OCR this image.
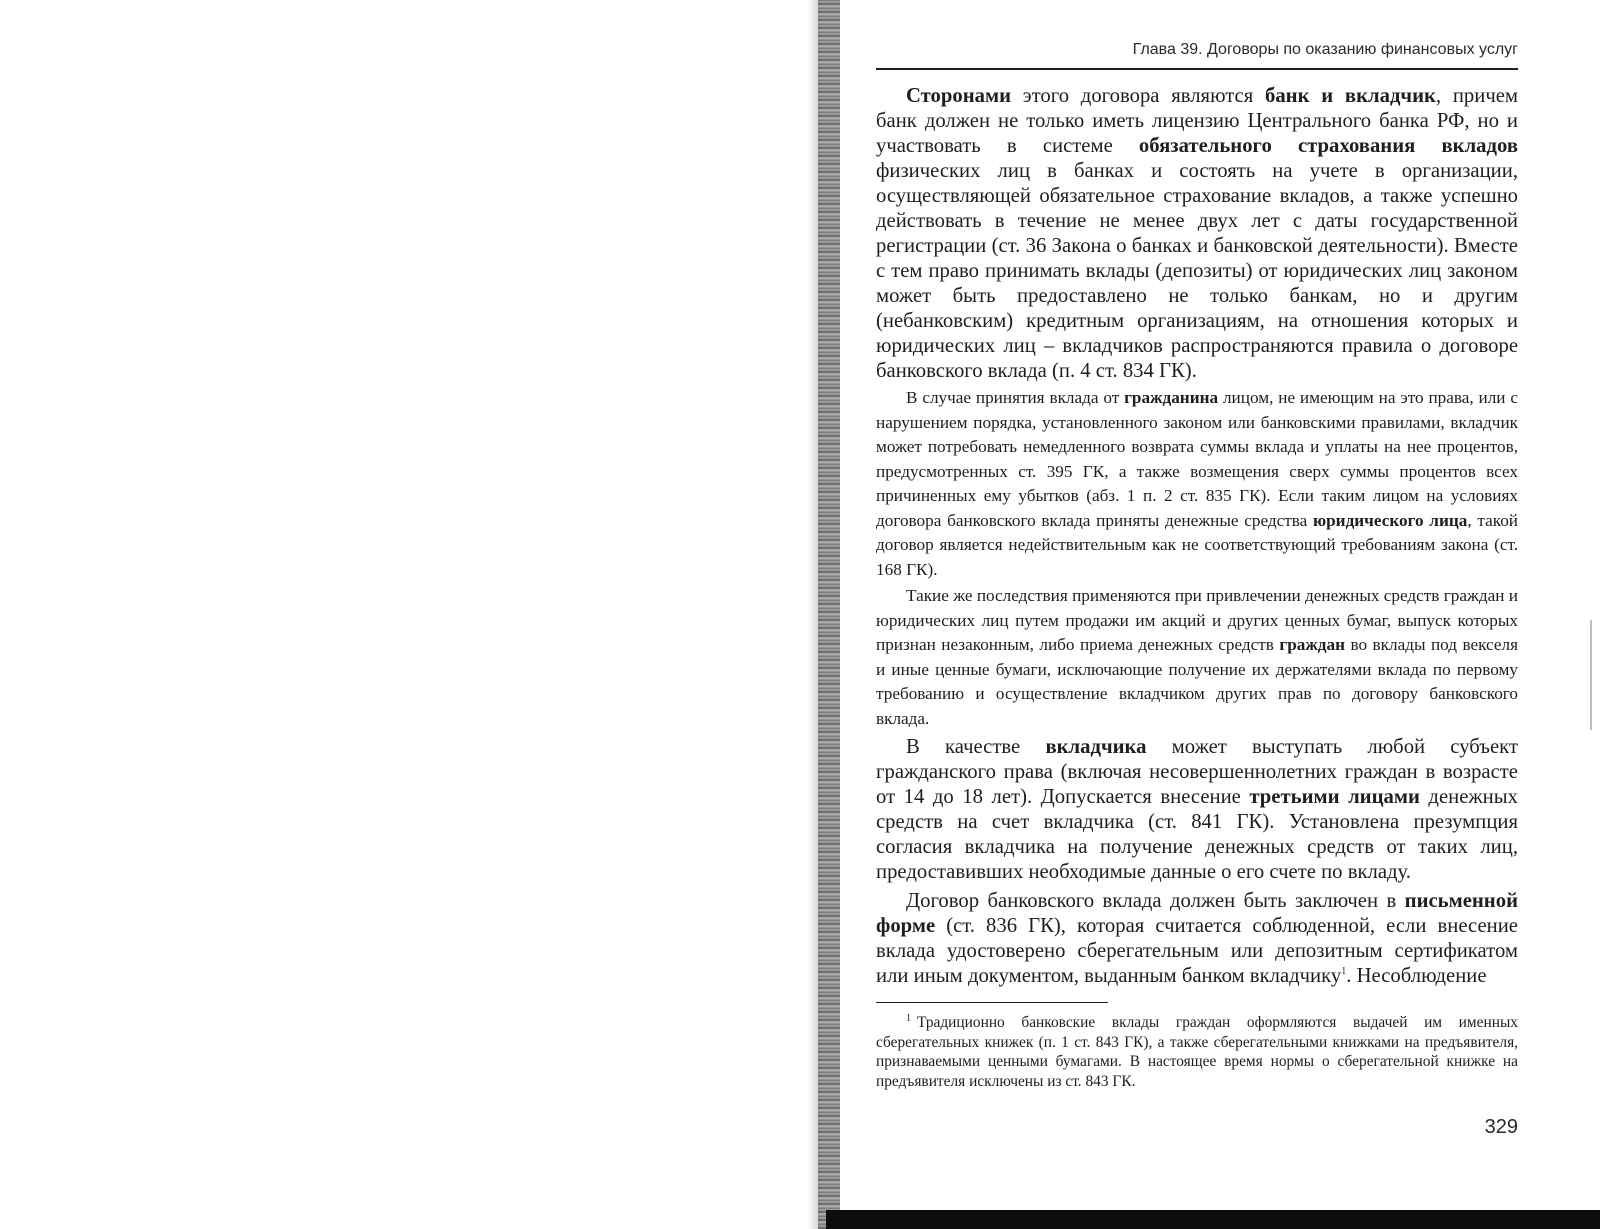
Глава 39. Договоры по оказанию финансовых услуг

Сторонами этого договора являются банк и вкладчик, причем банк должен не только иметь лицензию Центрального банка РФ, но и участвовать в системе обязательного страхования вкладов физических лиц в банках и состоять на учете в организации, осуществляющей обязательное страхование вкладов, а также успешно действовать в течение не менее двух лет с даты государственной регистрации (ст. 36 Закона о банках и банковской деятельности). Вместе с тем право принимать вклады (депозиты) от юридических лиц законом может быть предоставлено не только банкам, но и другим (небанковским) кредитным организациям, на отношения которых и юридических лиц – вкладчиков распространяются правила о договоре банковского вклада (п. 4 ст. 834 ГК).

В случае принятия вклада от гражданина лицом, не имеющим на это права, или с нарушением порядка, установленного законом или банковскими правилами, вкладчик может потребовать немедленного возврата суммы вклада и уплаты на нее процентов, предусмотренных ст. 395 ГК, а также возмещения сверх суммы процентов всех причиненных ему убытков (абз. 1 п. 2 ст. 835 ГК). Если таким лицом на условиях договора банковского вклада приняты денежные средства юридического лица, такой договор является недействительным как не соответствующий требованиям закона (ст. 168 ГК).

Такие же последствия применяются при привлечении денежных средств граждан и юридических лиц путем продажи им акций и других ценных бумаг, выпуск которых признан незаконным, либо приема денежных средств граждан во вклады под векселя и иные ценные бумаги, исключающие получение их держателями вклада по первому требованию и осуществление вкладчиком других прав по договору банковского вклада.

В качестве вкладчика может выступать любой субъект гражданского права (включая несовершеннолетних граждан в возрасте от 14 до 18 лет). Допускается внесение третьими лицами денежных средств на счет вкладчика (ст. 841 ГК). Установлена презумпция согласия вкладчика на получение денежных средств от таких лиц, предоставивших необходимые данные о его счете по вкладу.

Договор банковского вклада должен быть заключен в письменной форме (ст. 836 ГК), которая считается соблюденной, если внесение вклада удостоверено сберегательным или депозитным сертификатом или иным документом, выданным банком вкладчику$^1$. Несоблюдение

$^1$ Традиционно банковские вклады граждан оформляются выдачей им именных сберегательных книжек (п. 1 ст. 843 ГК), а также сберегательными книжками на предъявителя, признаваемыми ценными бумагами. В настоящее время нормы о сберегательной книжке на предъявителя исключены из ст. 843 ГК.

329
